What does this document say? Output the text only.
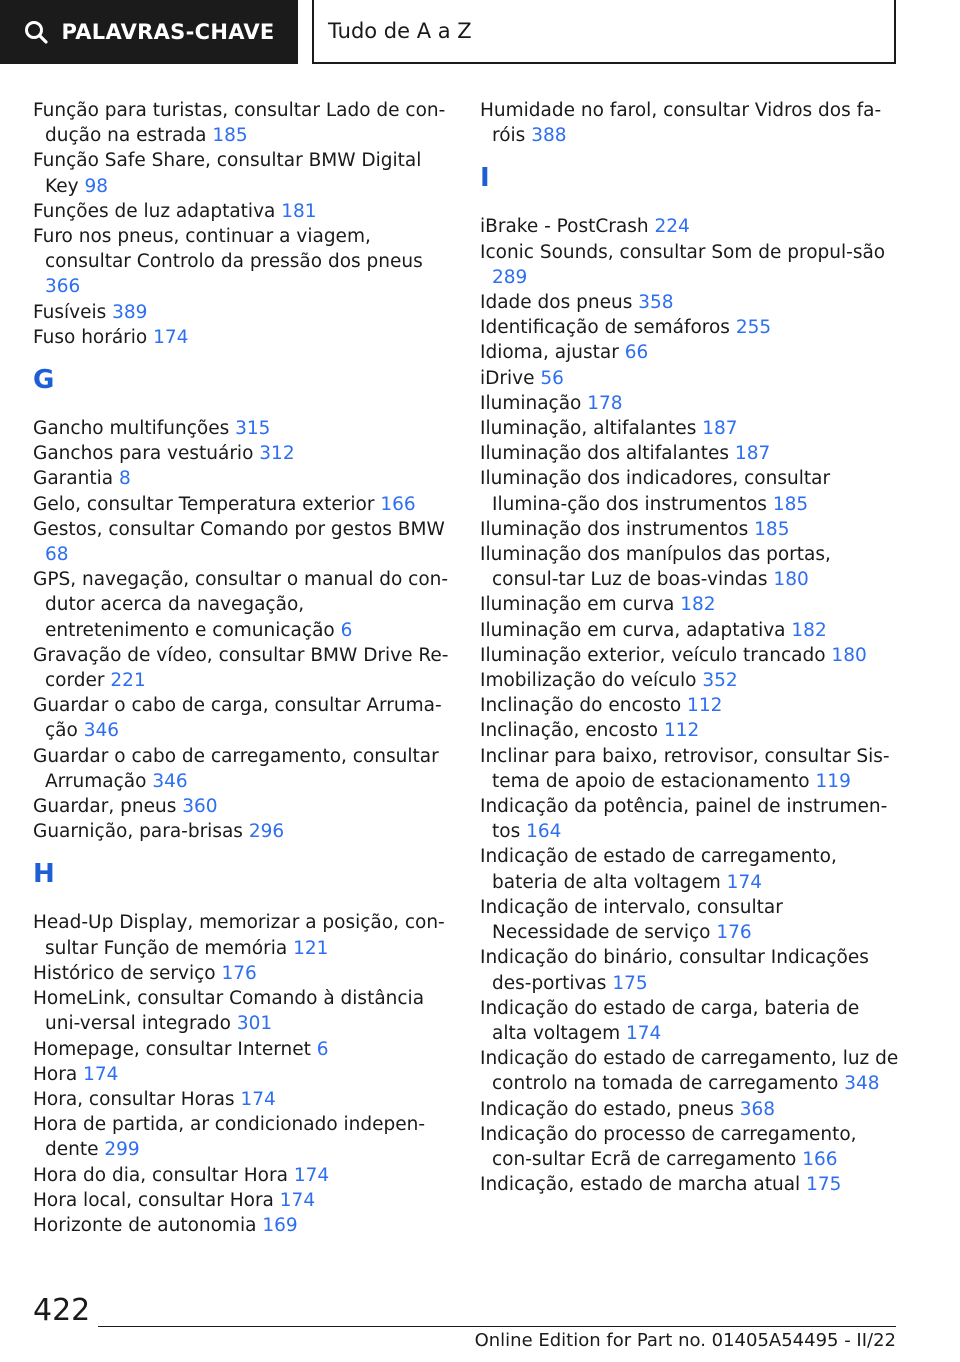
PALAVRAS-CHAVE	Tudo de A a Z
Função para turistas, consultar Lado de con-dução na estrada 185
Função Safe Share, consultar BMW Digital Key 98
Funções de luz adaptativa 181
Furo nos pneus, continuar a viagem, consultar Controlo da pressão dos pneus 366
Fusíveis 389
Fuso horário 174
G
Gancho multifunções 315
Ganchos para vestuário 312
Garantia 8
Gelo, consultar Temperatura exterior 166
Gestos, consultar Comando por gestos BMW 68
GPS, navegação, consultar o manual do con-dutor acerca da navegação, entretenimento e comunicação 6
Gravação de vídeo, consultar BMW Drive Re-corder 221
Guardar o cabo de carga, consultar Arruma-ção 346
Guardar o cabo de carregamento, consultar Arrumação 346
Guardar, pneus 360
Guarnição, para-brisas 296
H
Head-Up Display, memorizar a posição, con-sultar Função de memória 121
Histórico de serviço 176
HomeLink, consultar Comando à distância uni-versal integrado 301
Homepage, consultar Internet 6
Hora 174
Hora, consultar Horas 174
Hora de partida, ar condicionado indepen-dente 299
Hora do dia, consultar Hora 174
Hora local, consultar Hora 174
Horizonte de autonomia 169
Humidade no farol, consultar Vidros dos fa-róis 388
I
iBrake - PostCrash 224
Iconic Sounds, consultar Som de propul-são 289
Idade dos pneus 358
Identificação de semáforos 255
Idioma, ajustar 66
iDrive 56
Iluminação 178
Iluminação, altifalantes 187
Iluminação dos altifalantes 187
Iluminação dos indicadores, consultar Ilumina-ção dos instrumentos 185
Iluminação dos instrumentos 185
Iluminação dos manípulos das portas, consul-tar Luz de boas-vindas 180
Iluminação em curva 182
Iluminação em curva, adaptativa 182
Iluminação exterior, veículo trancado 180
Imobilização do veículo 352
Inclinação do encosto 112
Inclinação, encosto 112
Inclinar para baixo, retrovisor, consultar Sis-tema de apoio de estacionamento 119
Indicação da potência, painel de instrumen-tos 164
Indicação de estado de carregamento, bateria de alta voltagem 174
Indicação de intervalo, consultar Necessidade de serviço 176
Indicação do binário, consultar Indicações des-portivas 175
Indicação do estado de carga, bateria de alta voltagem 174
Indicação do estado de carregamento, luz de controlo na tomada de carregamento 348
Indicação do estado, pneus 368
Indicação do processo de carregamento, con-sultar Ecrã de carregamento 166
Indicação, estado de marcha atual 175
422
Online Edition for Part no. 01405A54495 - II/22
